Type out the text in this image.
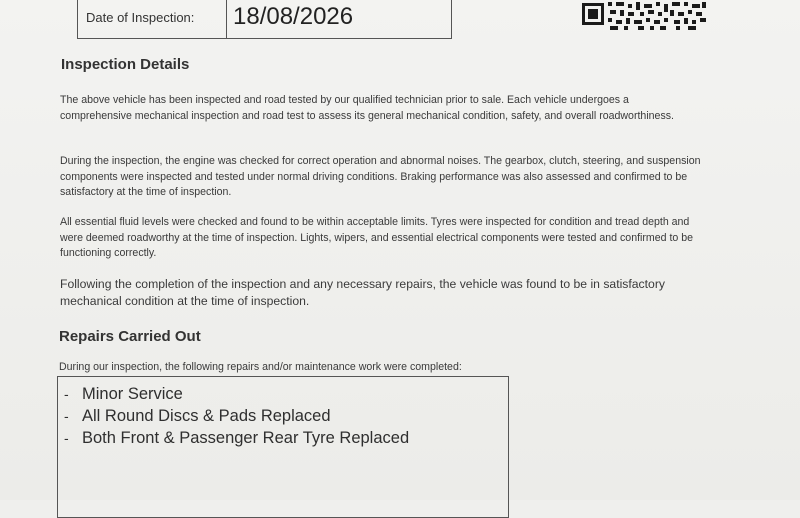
Date of Inspection:	18/08/2026
Inspection Details

The above vehicle has been inspected and road tested by our qualified technician prior to sale. Each vehicle undergoes a comprehensive mechanical inspection and road test to assess its general mechanical condition, safety, and overall roadworthiness.

During the inspection, the engine was checked for correct operation and abnormal noises. The gearbox, clutch, steering, and suspension components were inspected and tested under normal driving conditions. Braking performance was also assessed and confirmed to be satisfactory at the time of inspection.

All essential fluid levels were checked and found to be within acceptable limits. Tyres were inspected for condition and tread depth and were deemed roadworthy at the time of inspection. Lights, wipers, and essential electrical components were tested and confirmed to be functioning correctly.

Following the completion of the inspection and any necessary repairs, the vehicle was found to be in satisfactory mechanical condition at the time of inspection.

Repairs Carried Out

During our inspection, the following repairs and/or maintenance work were completed:

- Minor Service
- All Round Discs & Pads Replaced
- Both Front & Passenger Rear Tyre Replaced
